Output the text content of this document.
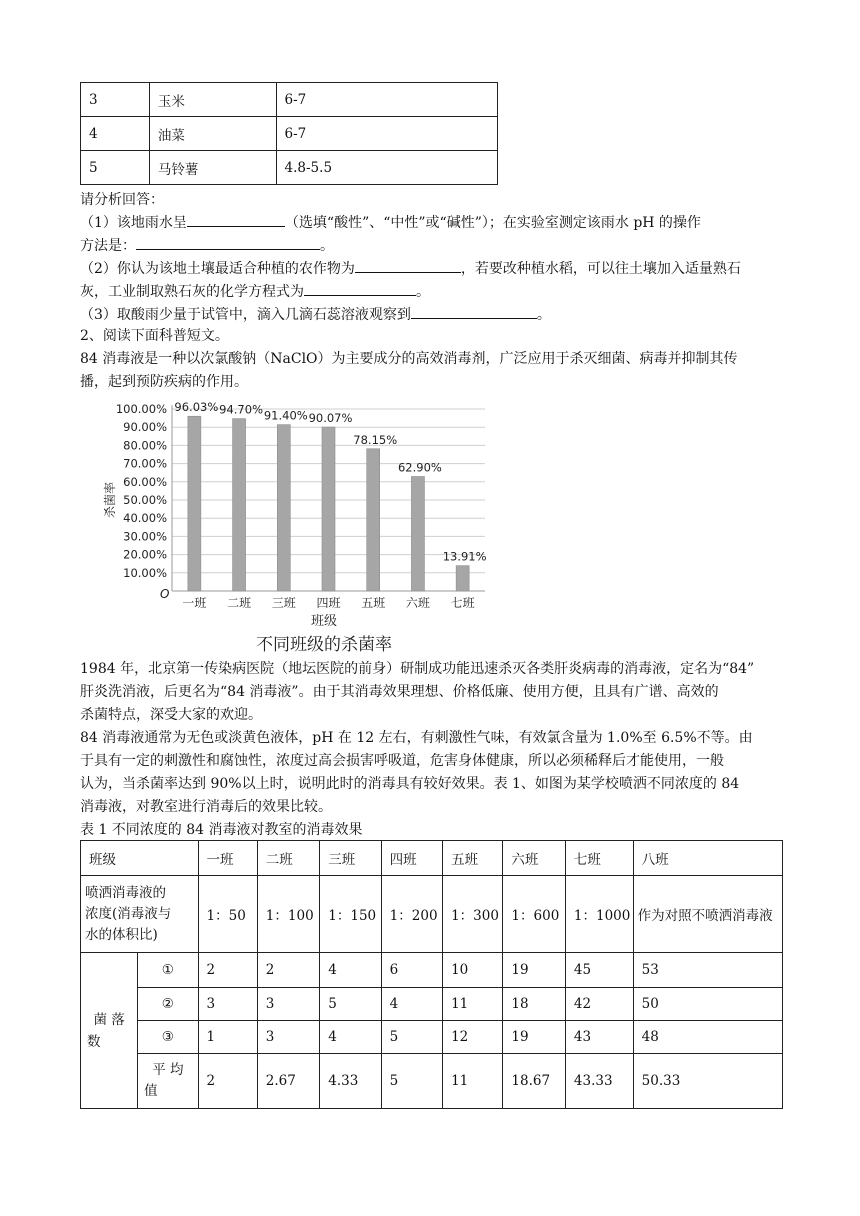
3	玉米	6-7
4	油菜	6-7
5	马铃薯	4.8-5.5
请分析回答：
（1）该地雨水呈	（选填“酸性”、“中性”或“碱性”）；在实验室测定该雨水 pH 的操作
方法是：	。
（2）你认为该地土壤最适合种植的农作物为	，若要改种植水稻，可以往土壤加入适量熟石
灰，工业制取熟石灰的化学方程式为	。
（3）取酸雨少量于试管中，滴入几滴石蕊溶液观察到	。
2、阅读下面科普短文。
84 消毒液是一种以次氯酸钠（NaClO）为主要成分的高效消毒剂，广泛应用于杀灭细菌、病毒并抑制其传
播，起到预防疾病的作用。
10.00%
20.00%
30.00%
40.00%
50.00%
60.00%
70.00%
80.00%
90.00%
100.00% 96.03% 94.70% 91.40% 90.07%
78.15%
62.90%
13.91%
一班 二班 三班 四班 五班 六班 七班
杀菌率
O
班级
不同班级的杀菌率
1984 年，北京第一传染病医院（地坛医院的前身）研制成功能迅速杀灭各类肝炎病毒的消毒液，定名为“84”
肝炎洗消液，后更名为“84 消毒液”。由于其消毒效果理想、价格低廉、使用方便，且具有广谱、高效的
杀菌特点，深受大家的欢迎。
84 消毒液通常为无色或淡黄色液体，pH 在 12 左右，有刺激性气味，有效氯含量为 1.0%至 6.5%不等。由
于具有一定的刺激性和腐蚀性，浓度过高会损害呼吸道，危害身体健康，所以必须稀释后才能使用，一般
认为，当杀菌率达到 90%以上时，说明此时的消毒具有较好效果。表 1、如图为某学校喷洒不同浓度的 84
消毒液，对教室进行消毒后的效果比较。
表 1 不同浓度的 84 消毒液对教室的消毒效果
班级		一班	二班	三班	四班	五班	六班	七班	八班

喷洒消毒液的
浓度(消毒液与
水的体积比)		1：50	1：100	1：150	1：200	1：300	1：600	1：1000	作为对照不喷洒消毒液

菌 落
数	①	2	2	4	6	10	19	45	53
	②	3	3	5	4	11	18	42	50
	③	1	3	4	5	12	19	43	48

	平 均
值	2	2.67	4.33	5	11	18.67	43.33	50.33
